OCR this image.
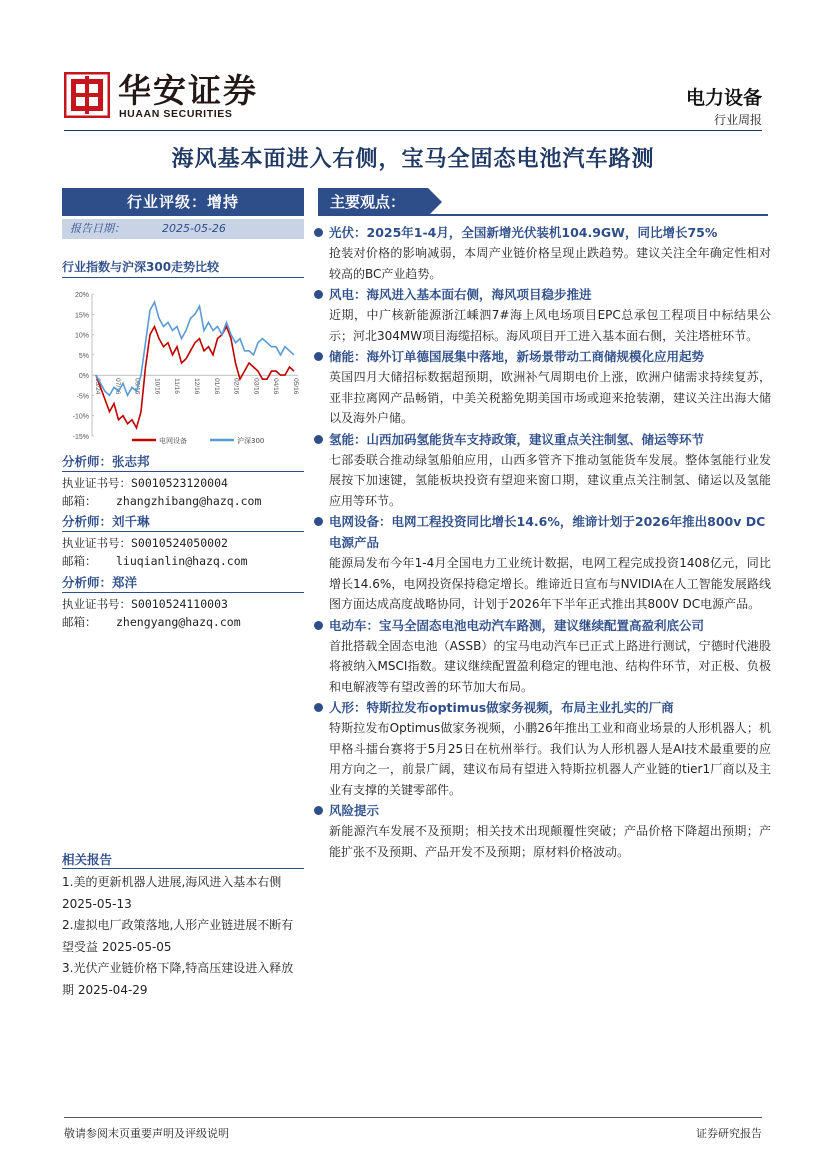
华安证券
HUAAN SECURITIES
电力设备
行业周报
海风基本面进入右侧，宝马全固态电池汽车路测
行业评级：增持
报告日期：	2025-05-26
行业指数与沪深300走势比较
20%
15%
10%
5%
0%
-5%
-10%
-15%
05/24 07/16 09/16 10/16 11/16 12/16 01/16 02/16 03/16 04/16 05/16
电网设备	沪深300
分析师：张志邦
执业证书号：S0010523120004
邮箱： zhangzhibang@hazq.com
分析师：刘千琳
执业证书号：S0010524050002
邮箱： liuqianlin@hazq.com
分析师：郑洋
执业证书号：S0010524110003
邮箱： zhengyang@hazq.com
相关报告
1.美的更新机器人进展,海风进入基本右侧 2025-05-13
2.虚拟电厂政策落地,人形产业链进展不断有望受益 2025-05-05
3.光伏产业链价格下降,特高压建设进入释放期 2025-04-29
主要观点：
光伏：2025年1-4月，全国新增光伏装机104.9GW，同比增长75%
抢装对价格的影响减弱，本周产业链价格呈现止跌趋势。建议关注全年确定性相对较高的BC产业趋势。
风电：海风进入基本面右侧，海风项目稳步推进
近期，中广核新能源浙江嵊泗7#海上风电场项目EPC总承包工程项目中标结果公示；河北304MW项目海缆招标。海风项目开工进入基本面右侧，关注塔桩环节。
储能：海外订单德国展集中落地，新场景带动工商储规模化应用起势
英国四月大储招标数据超预期，欧洲补气周期电价上涨，欧洲户储需求持续复苏，亚非拉离网产品畅销，中美关税豁免期美国市场或迎来抢装潮，建议关注出海大储以及海外户储。
氢能：山西加码氢能货车支持政策，建议重点关注制氢、储运等环节
七部委联合推动绿氢船舶应用，山西多管齐下推动氢能货车发展。整体氢能行业发展按下加速键，氢能板块投资有望迎来窗口期，建议重点关注制氢、储运以及氢能应用等环节。
电网设备：电网工程投资同比增长14.6%，维谛计划于2026年推出800v DC电源产品
能源局发布今年1-4月全国电力工业统计数据，电网工程完成投资1408亿元，同比增长14.6%，电网投资保持稳定增长。维谛近日宣布与NVIDIA在人工智能发展路线图方面达成高度战略协同，计划于2026年下半年正式推出其800V DC电源产品。
电动车：宝马全固态电池电动汽车路测，建议继续配置高盈利底公司
首批搭载全固态电池（ASSB）的宝马电动汽车已正式上路进行测试，宁德时代港股将被纳入MSCI指数。建议继续配置盈利稳定的锂电池、结构件环节，对正极、负极和电解液等有望改善的环节加大布局。
人形：特斯拉发布optimus做家务视频，布局主业扎实的厂商
特斯拉发布Optimus做家务视频，小鹏26年推出工业和商业场景的人形机器人；机甲格斗擂台赛将于5月25日在杭州举行。我们认为人形机器人是AI技术最重要的应用方向之一，前景广阔，建议布局有望进入特斯拉机器人产业链的tier1厂商以及主业有支撑的关键零部件。
风险提示
新能源汽车发展不及预期；相关技术出现颠覆性突破；产品价格下降超出预期；产能扩张不及预期、产品开发不及预期；原材料价格波动。
敬请参阅末页重要声明及评级说明	证券研究报告
